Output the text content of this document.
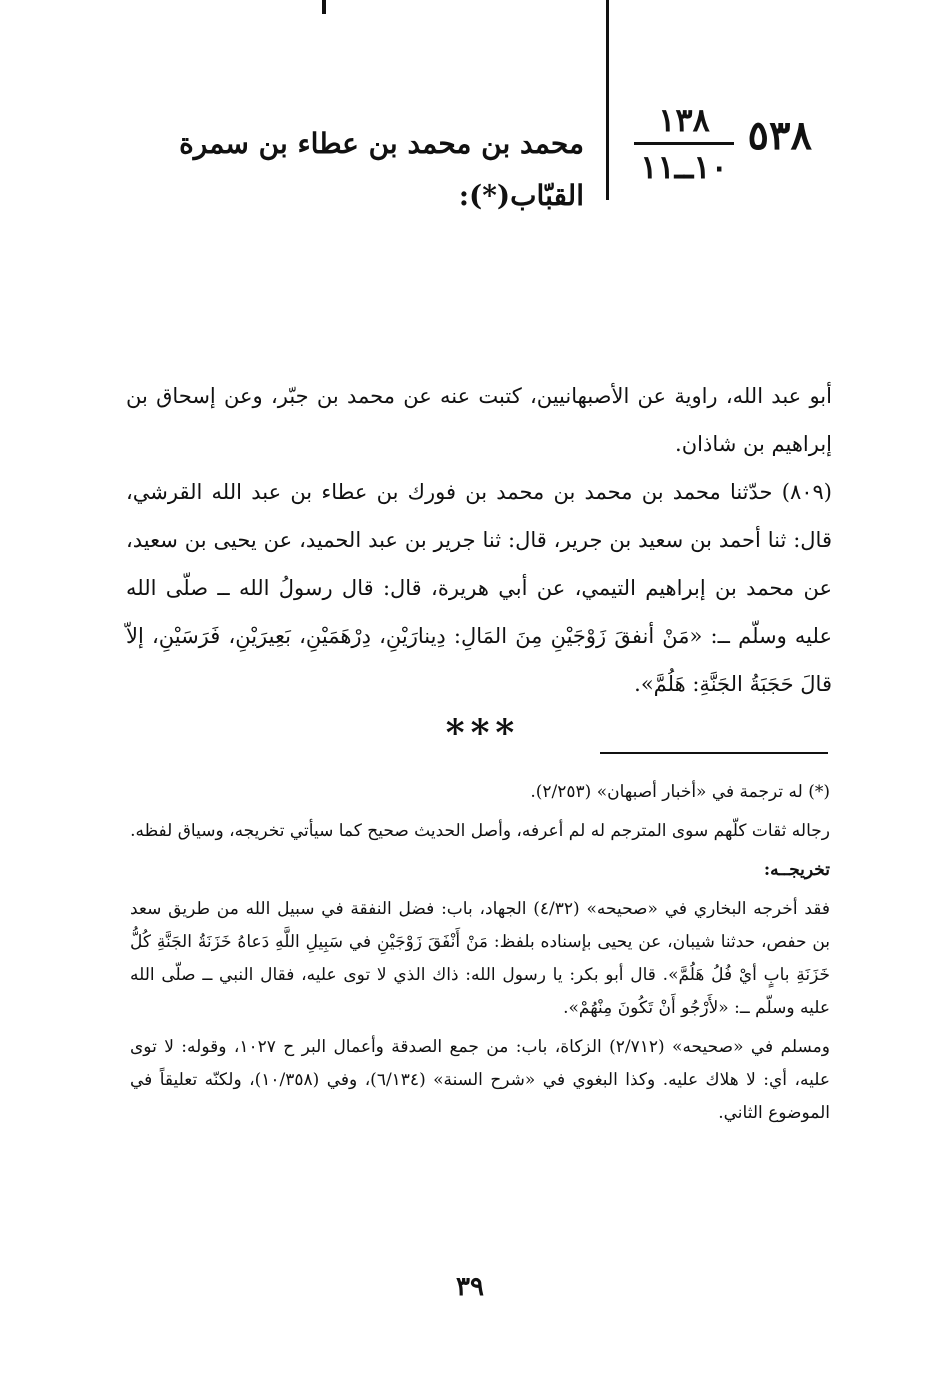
٥٣٨
١٣٨
١٠ــ١١
محمد بن محمد بن عطاء بن سمرة
القبّاب(*):

أبو عبد الله، راوية عن الأصبهانيين، كتبت عنه عن محمد بن جبّر، وعن إسحاق بن إبراهيم بن شاذان.

(٨٠٩) حدّثنا محمد بن محمد بن محمد بن فورك بن عطاء بن عبد الله القرشي، قال: ثنا أحمد بن سعيد بن جرير، قال: ثنا جرير بن عبد الحميد، عن يحيى بن سعيد، عن محمد بن إبراهيم التيمي، عن أبي هريرة، قال: قال رسولُ الله ــ صلّى الله عليه وسلّم ــ: «مَنْ أنفقَ زَوْجَيْنِ مِنَ المَالِ: دِينارَيْنِ، دِرْهَمَيْنِ، بَعِيرَيْنِ، فَرَسَيْنِ، إلاّ قالَ حَجَبَةُ الجَنَّةِ: هَلُمَّ».

***

(*) له ترجمة في «أخبار أصبهان» (٢/٢٥٣).

رجاله ثقات كلّهم سوى المترجم له لم أعرفه، وأصل الحديث صحيح كما سيأتي تخريجه، وسياق لفظه.

تخريجــه:

فقد أخرجه البخاري في «صحيحه» (٤/٣٢) الجهاد، باب: فضل النفقة في سبيل الله من طريق سعد بن حفص، حدثنا شيبان، عن يحيى بإسناده بلفظ: مَنْ أَنْفَقَ زَوْجَيْنِ في سَبِيلِ اللَّهِ دَعاهُ خَزَنَةُ الجَنَّةِ كُلُّ خَزَنَةِ بابٍ أيْ فُلُ هَلُمَّ». قال أبو بكر: يا رسول الله: ذاك الذي لا توى عليه، فقال النبي ــ صلّى الله عليه وسلّم ــ: «لأَرْجُو أَنْ تَكُونَ مِنْهُمْ».

ومسلم في «صحيحه» (٢/٧١٢) الزكاة، باب: من جمع الصدقة وأعمال البر ح ١٠٢٧، وقوله: لا توى عليه، أي: لا هلاك عليه. وكذا البغوي في «شرح السنة» (٦/١٣٤)، وفي (١٠/٣٥٨)، ولكنّه تعليقاً في الموضوع الثاني.

٣٩
